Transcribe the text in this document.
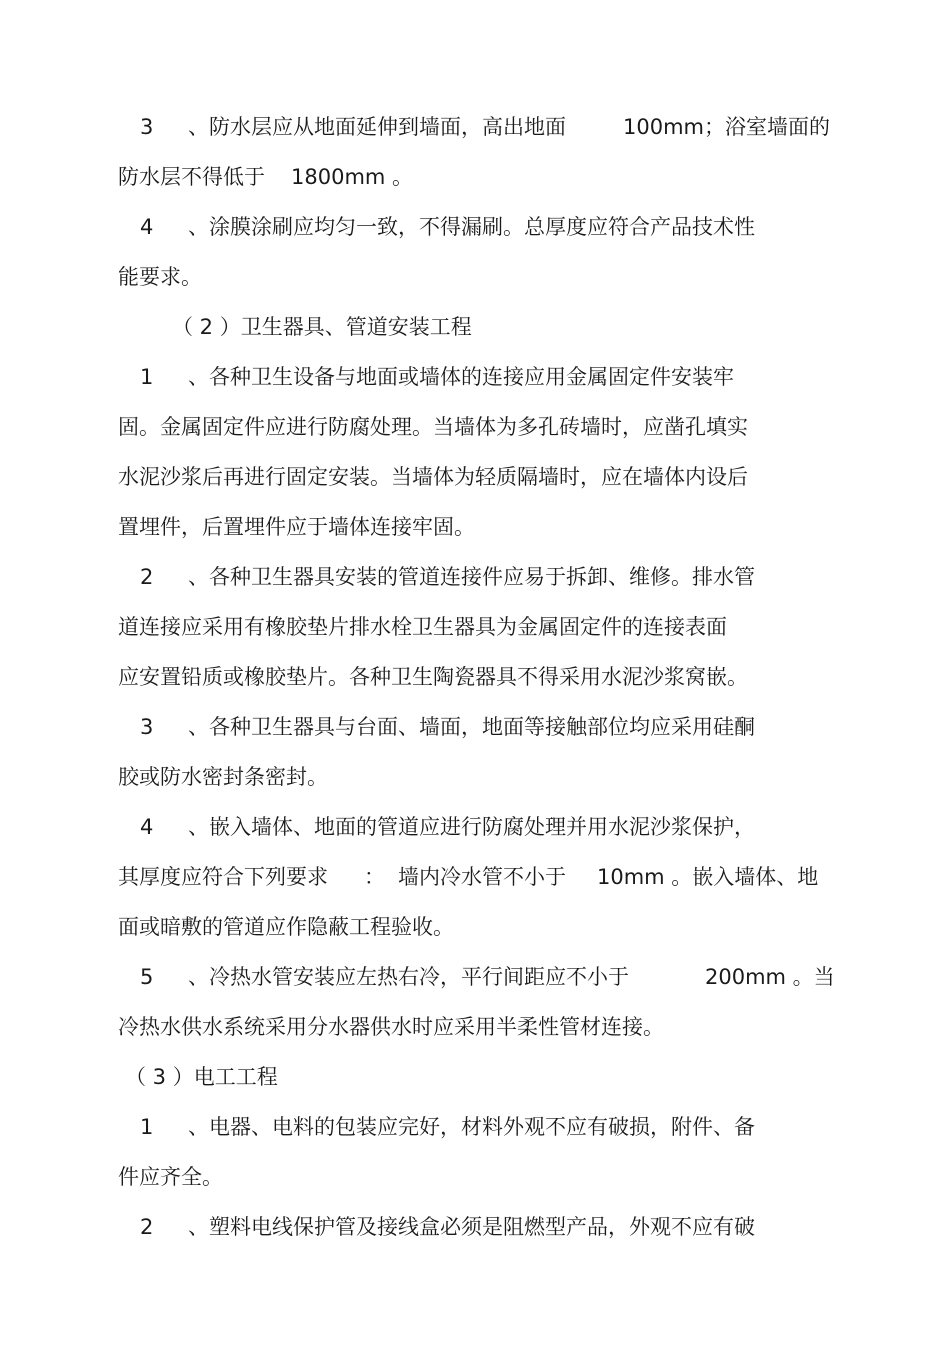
3 、防水层应从地面延伸到墙面，高出地面	100mm；浴室墙面的
防水层不得低于 1800mm 。
4 、涂膜涂刷应均匀一致，不得漏刷。总厚度应符合产品技术性
能要求。
（ 2 ）卫生器具、管道安装工程
1 、各种卫生设备与地面或墙体的连接应用金属固定件安装牢
固。金属固定件应进行防腐处理。当墙体为多孔砖墙时，应凿孔填实
水泥沙浆后再进行固定安装。当墙体为轻质隔墙时，应在墙体内设后
置埋件，后置埋件应于墙体连接牢固。
2 、各种卫生器具安装的管道连接件应易于拆卸、维修。排水管
道连接应采用有橡胶垫片排水栓卫生器具为金属固定件的连接表面
应安置铅质或橡胶垫片。各种卫生陶瓷器具不得采用水泥沙浆窝嵌。
3 、各种卫生器具与台面、墙面，地面等接触部位均应采用硅酮
胶或防水密封条密封。
4 、嵌入墙体、地面的管道应进行防腐处理并用水泥沙浆保护，
其厚度应符合下列要求 ： 墙内冷水管不小于 10mm 。嵌入墙体、地
面或暗敷的管道应作隐蔽工程验收。
5 、冷热水管安装应左热右冷，平行间距应不小于	200mm 。当
冷热水供水系统采用分水器供水时应采用半柔性管材连接。
（ 3 ）电工工程
1 、电器、电料的包装应完好，材料外观不应有破损，附件、备
件应齐全。
2 、塑料电线保护管及接线盒必须是阻燃型产品，外观不应有破
